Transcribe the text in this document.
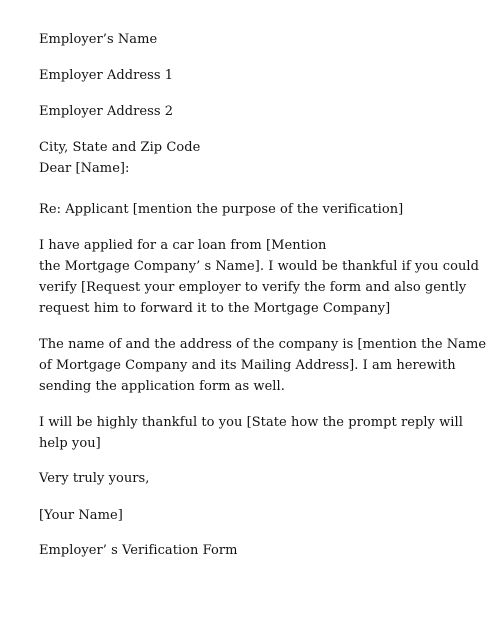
Employer’s Name

Employer Address 1

Employer Address 2

City, State and Zip Code

Dear [Name]:

Re: Applicant [mention the purpose of the verification]

I have applied for a car loan from [Mention
the Mortgage Company’ s Name]. I would be thankful if you could
verify [Request your employer to verify the form and also gently
request him to forward it to the Mortgage Company]
The name of and the address of the company is [mention the Name
of Mortgage Company and its Mailing Address]. I am herewith
sending the application form as well.
I will be highly thankful to you [State how the prompt reply will
help you]

Very truly yours,

[Your Name]

Employer’ s Verification Form
